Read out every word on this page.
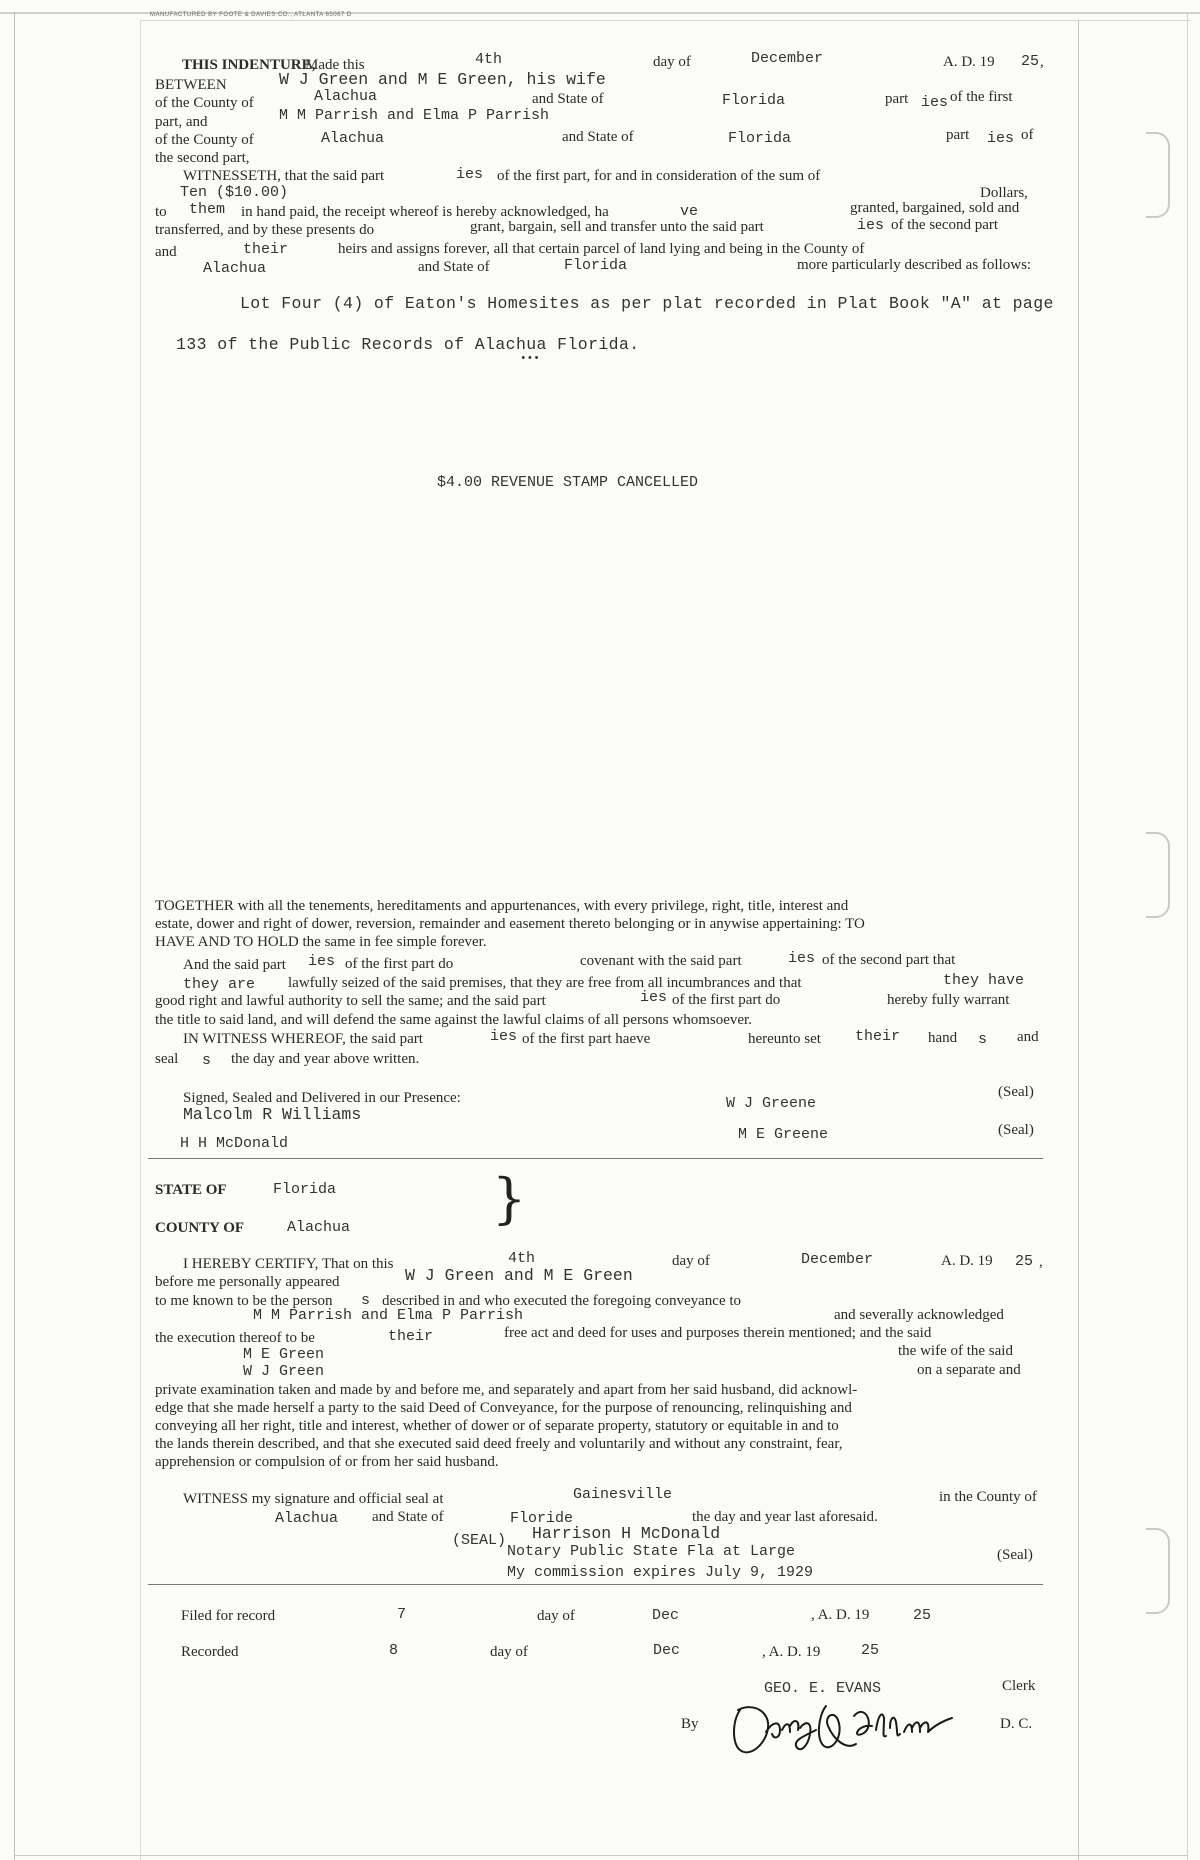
MANUFACTURED BY FOOTE & DAVIES CO., ATLANTA 65067 D
THIS INDENTURE,
Made this	4th	day of	December	A. D. 19 25 ,
BETWEEN	W J Green and M E Green, his wife
of the County of	Alachua	and State of	Florida	part ies of the first
part, and	M M Parrish and Elma P Parrish
of the County of	Alachua	and State of	Florida	part ies of
the second part,
WITNESSETH, that the said part	ies of the first part, for and in consideration of the sum of
Ten ($10.00)	Dollars,
to them in hand paid, the receipt whereof is hereby acknowledged, ha	ve	granted, bargained, sold and
transferred, and by these presents do	grant, bargain, sell and transfer unto the said part	ies of the second part
and	their	heirs and assigns forever, all that certain parcel of land lying and being in the County of
Alachua	and State of	Florida	more particularly described as follows:
Lot Four (4) of Eaton's Homesites as per plat recorded in Plat Book "A" at page
133 of the Public Records of Alachua Florida.
•••
$4.00 REVENUE STAMP CANCELLED
TOGETHER with all the tenements, hereditaments and appurtenances, with every privilege, right, title, interest and
estate, dower and right of dower, reversion, remainder and easement thereto belonging or in anywise appertaining: TO
HAVE AND TO HOLD the same in fee simple forever.
And the said part ies of the first part do	covenant with the said part	ies of the second part that
they are lawfully seized of the said premises, that they are free from all incumbrances and that	they have
good right and lawful authority to sell the same; and the said part	ies of the first part do	hereby fully warrant
the title to said land, and will defend the same against the lawful claims of all persons whomsoever.
IN WITNESS WHEREOF, the said part	ies of the first part haeve	hereunto set their hand s and
seal s the day and year above written.
Signed, Sealed and Delivered in our Presence:
Malcolm R Williams
H H McDonald
W J Greene
M E Greene
(Seal)
(Seal)
STATE OF	Florida
COUNTY OF	Alachua	}
I HEREBY CERTIFY, That on this	4th	day of	December	A. D. 19 25 ,
before me personally appeared	W J Green and M E Green
to me known to be the person s described in and who executed the foregoing conveyance to
M M Parrish and Elma P Parrish	and severally acknowledged
the execution thereof to be	their	free act and deed for uses and purposes therein mentioned; and the said
M E Green	the wife of the said
W J Green	on a separate and
private examination taken and made by and before me, and separately and apart from her said husband, did acknowl-
edge that she made herself a party to the said Deed of Conveyance, for the purpose of renouncing, relinquishing and
conveying all her right, title and interest, whether of dower or of separate property, statutory or equitable in and to
the lands therein described, and that she executed said deed freely and voluntarily and without any constraint, fear,
apprehension or compulsion of or from her said husband.
WITNESS my signature and official seal at	Gainesville	in the County of
Alachua and State of	Floride	the day and year last aforesaid.
(SEAL) Harrison H McDonald
Notary Public State Fla at Large
My commission expires July 9, 1929
(Seal)
Filed for record	7	day of	Dec	, A. D. 19	25
Recorded	8	day of	Dec	, A. D. 19	25
GEO. E. EVANS	Clerk
By	D. C.
